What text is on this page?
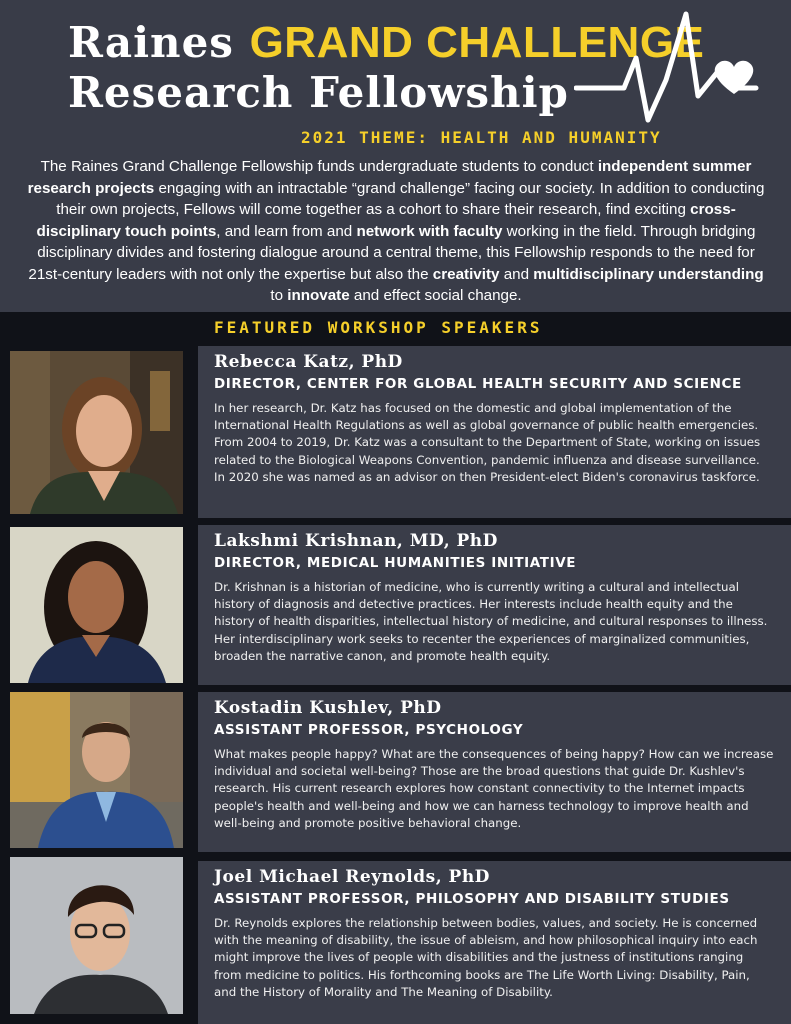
Raines GRAND CHALLENGE
Research Fellowship
2021 THEME: HEALTH AND HUMANITY
The Raines Grand Challenge Fellowship funds undergraduate students to conduct independent summer research projects engaging with an intractable “grand challenge” facing our society. In addition to conducting their own projects, Fellows will come together as a cohort to share their research, find exciting cross-disciplinary touch points, and learn from and network with faculty working in the field. Through bridging disciplinary divides and fostering dialogue around a central theme, this Fellowship responds to the need for 21st-century leaders with not only the expertise but also the creativity and multidisciplinary understanding to innovate and effect social change.
FEATURED WORKSHOP SPEAKERS
Rebecca Katz, PhD
DIRECTOR, CENTER FOR GLOBAL HEALTH SECURITY AND SCIENCE
In her research, Dr. Katz has focused on the domestic and global implementation of the International Health Regulations as well as global governance of public health emergencies. From 2004 to 2019, Dr. Katz was a consultant to the Department of State, working on issues related to the Biological Weapons Convention, pandemic influenza and disease surveillance. In 2020 she was named as an advisor on then President-elect Biden's coronavirus taskforce.
Lakshmi Krishnan, MD, PhD
DIRECTOR, MEDICAL HUMANITIES INITIATIVE
Dr. Krishnan is a historian of medicine, who is currently writing a cultural and intellectual history of diagnosis and detective practices. Her interests include health equity and the history of health disparities, intellectual history of medicine, and cultural responses to illness. Her interdisciplinary work seeks to recenter the experiences of marginalized communities, broaden the narrative canon, and promote health equity.
Kostadin Kushlev, PhD
ASSISTANT PROFESSOR, PSYCHOLOGY
What makes people happy? What are the consequences of being happy? How can we increase individual and societal well-being? Those are the broad questions that guide Dr. Kushlev's research. His current research explores how constant connectivity to the Internet impacts people's health and well-being and how we can harness technology to improve health and well-being and promote positive behavioral change.
Joel Michael Reynolds, PhD
ASSISTANT PROFESSOR, PHILOSOPHY AND DISABILITY STUDIES
Dr. Reynolds explores the relationship between bodies, values, and society. He is concerned with the meaning of disability, the issue of ableism, and how philosophical inquiry into each might improve the lives of people with disabilities and the justness of institutions ranging from medicine to politics. His forthcoming books are The Life Worth Living: Disability, Pain, and the History of Morality and The Meaning of Disability.
